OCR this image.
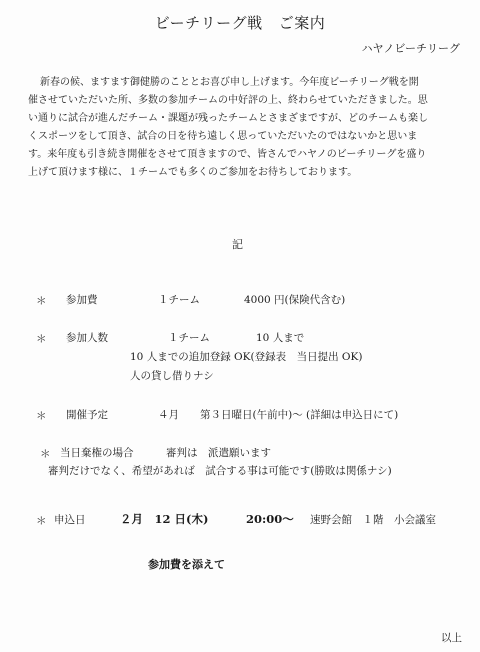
ビーチリーグ戦 ご案内
ハヤノビーチリーグ

新春の候、ますます御健勝のこととお喜び申し上げます。今年度ビーチリーグ戦を開

催させていただいた所、多数の参加チームの中好評の上、終わらせていただきました。思

い通りに試合が進んだチーム・課題が残ったチームとさまざまですが、どのチームも楽し

くスポーツをして頂き、試合の日を待ち遠しく思っていただいたのではないかと思いま

す。来年度も引き続き開催をさせて頂きますので、皆さんでハヤノのビーチリーグを盛り

上げて頂けます様に、１チームでも多くのご参加をお待ちしております。

記
＊ 参加費	１チーム	4000 円(保険代含む)
＊ 参加人数	１チーム	10 人まで
10 人までの追加登録 OK(登録表　当日提出 OK)
人の貸し借りナシ
＊ 開催予定	４月 第３日曜日(午前中)〜 (詳細は申込日にて)
＊ 当日棄権の場合	審判は　派遣願います
審判だけでなく、希望があれば　試合する事は可能です(勝敗は関係ナシ)
＊ 申込日	２月　12 日(木)	20:00〜 速野会館　１階　小会議室
参加費を添えて
以上
